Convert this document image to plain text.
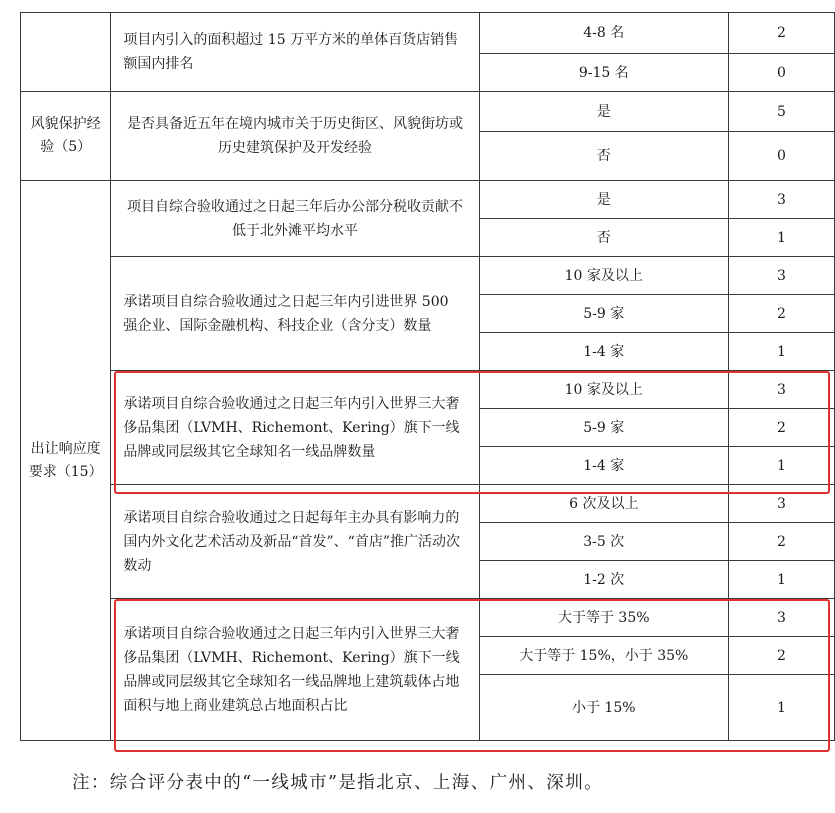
	项目内引入的面积超过 15 万平方米的单体百货店销售额国内排名	4-8 名	2
		9-15 名	0
风貌保护经验（5）	是否具备近五年在境内城市关于历史街区、风貌街坊或历史建筑保护及开发经验	是	5
		否	0
出让响应度要求（15）	项目自综合验收通过之日起三年后办公部分税收贡献不低于北外滩平均水平	是	3
		否	1
	承诺项目自综合验收通过之日起三年内引进世界 500 强企业、国际金融机构、科技企业（含分支）数量	10 家及以上	3
		5-9 家	2
		1-4 家	1
	承诺项目自综合验收通过之日起三年内引入世界三大奢侈品集团（LVMH、Richemont、Kering）旗下一线品牌或同层级其它全球知名一线品牌数量	10 家及以上	3
		5-9 家	2
		1-4 家	1
	承诺项目自综合验收通过之日起每年主办具有影响力的国内外文化艺术活动及新品“首发”、“首店”推广活动次数动	6 次及以上	3
		3-5 次	2
		1-2 次	1
	承诺项目自综合验收通过之日起三年内引入世界三大奢侈品集团（LVMH、Richemont、Kering）旗下一线品牌或同层级其它全球知名一线品牌地上建筑载体占地面积与地上商业建筑总占地面积占比	大于等于 35%	3
		大于等于 15%，小于 35%	2
		小于 15%	1
注：综合评分表中的“一线城市”是指北京、上海、广州、深圳。
